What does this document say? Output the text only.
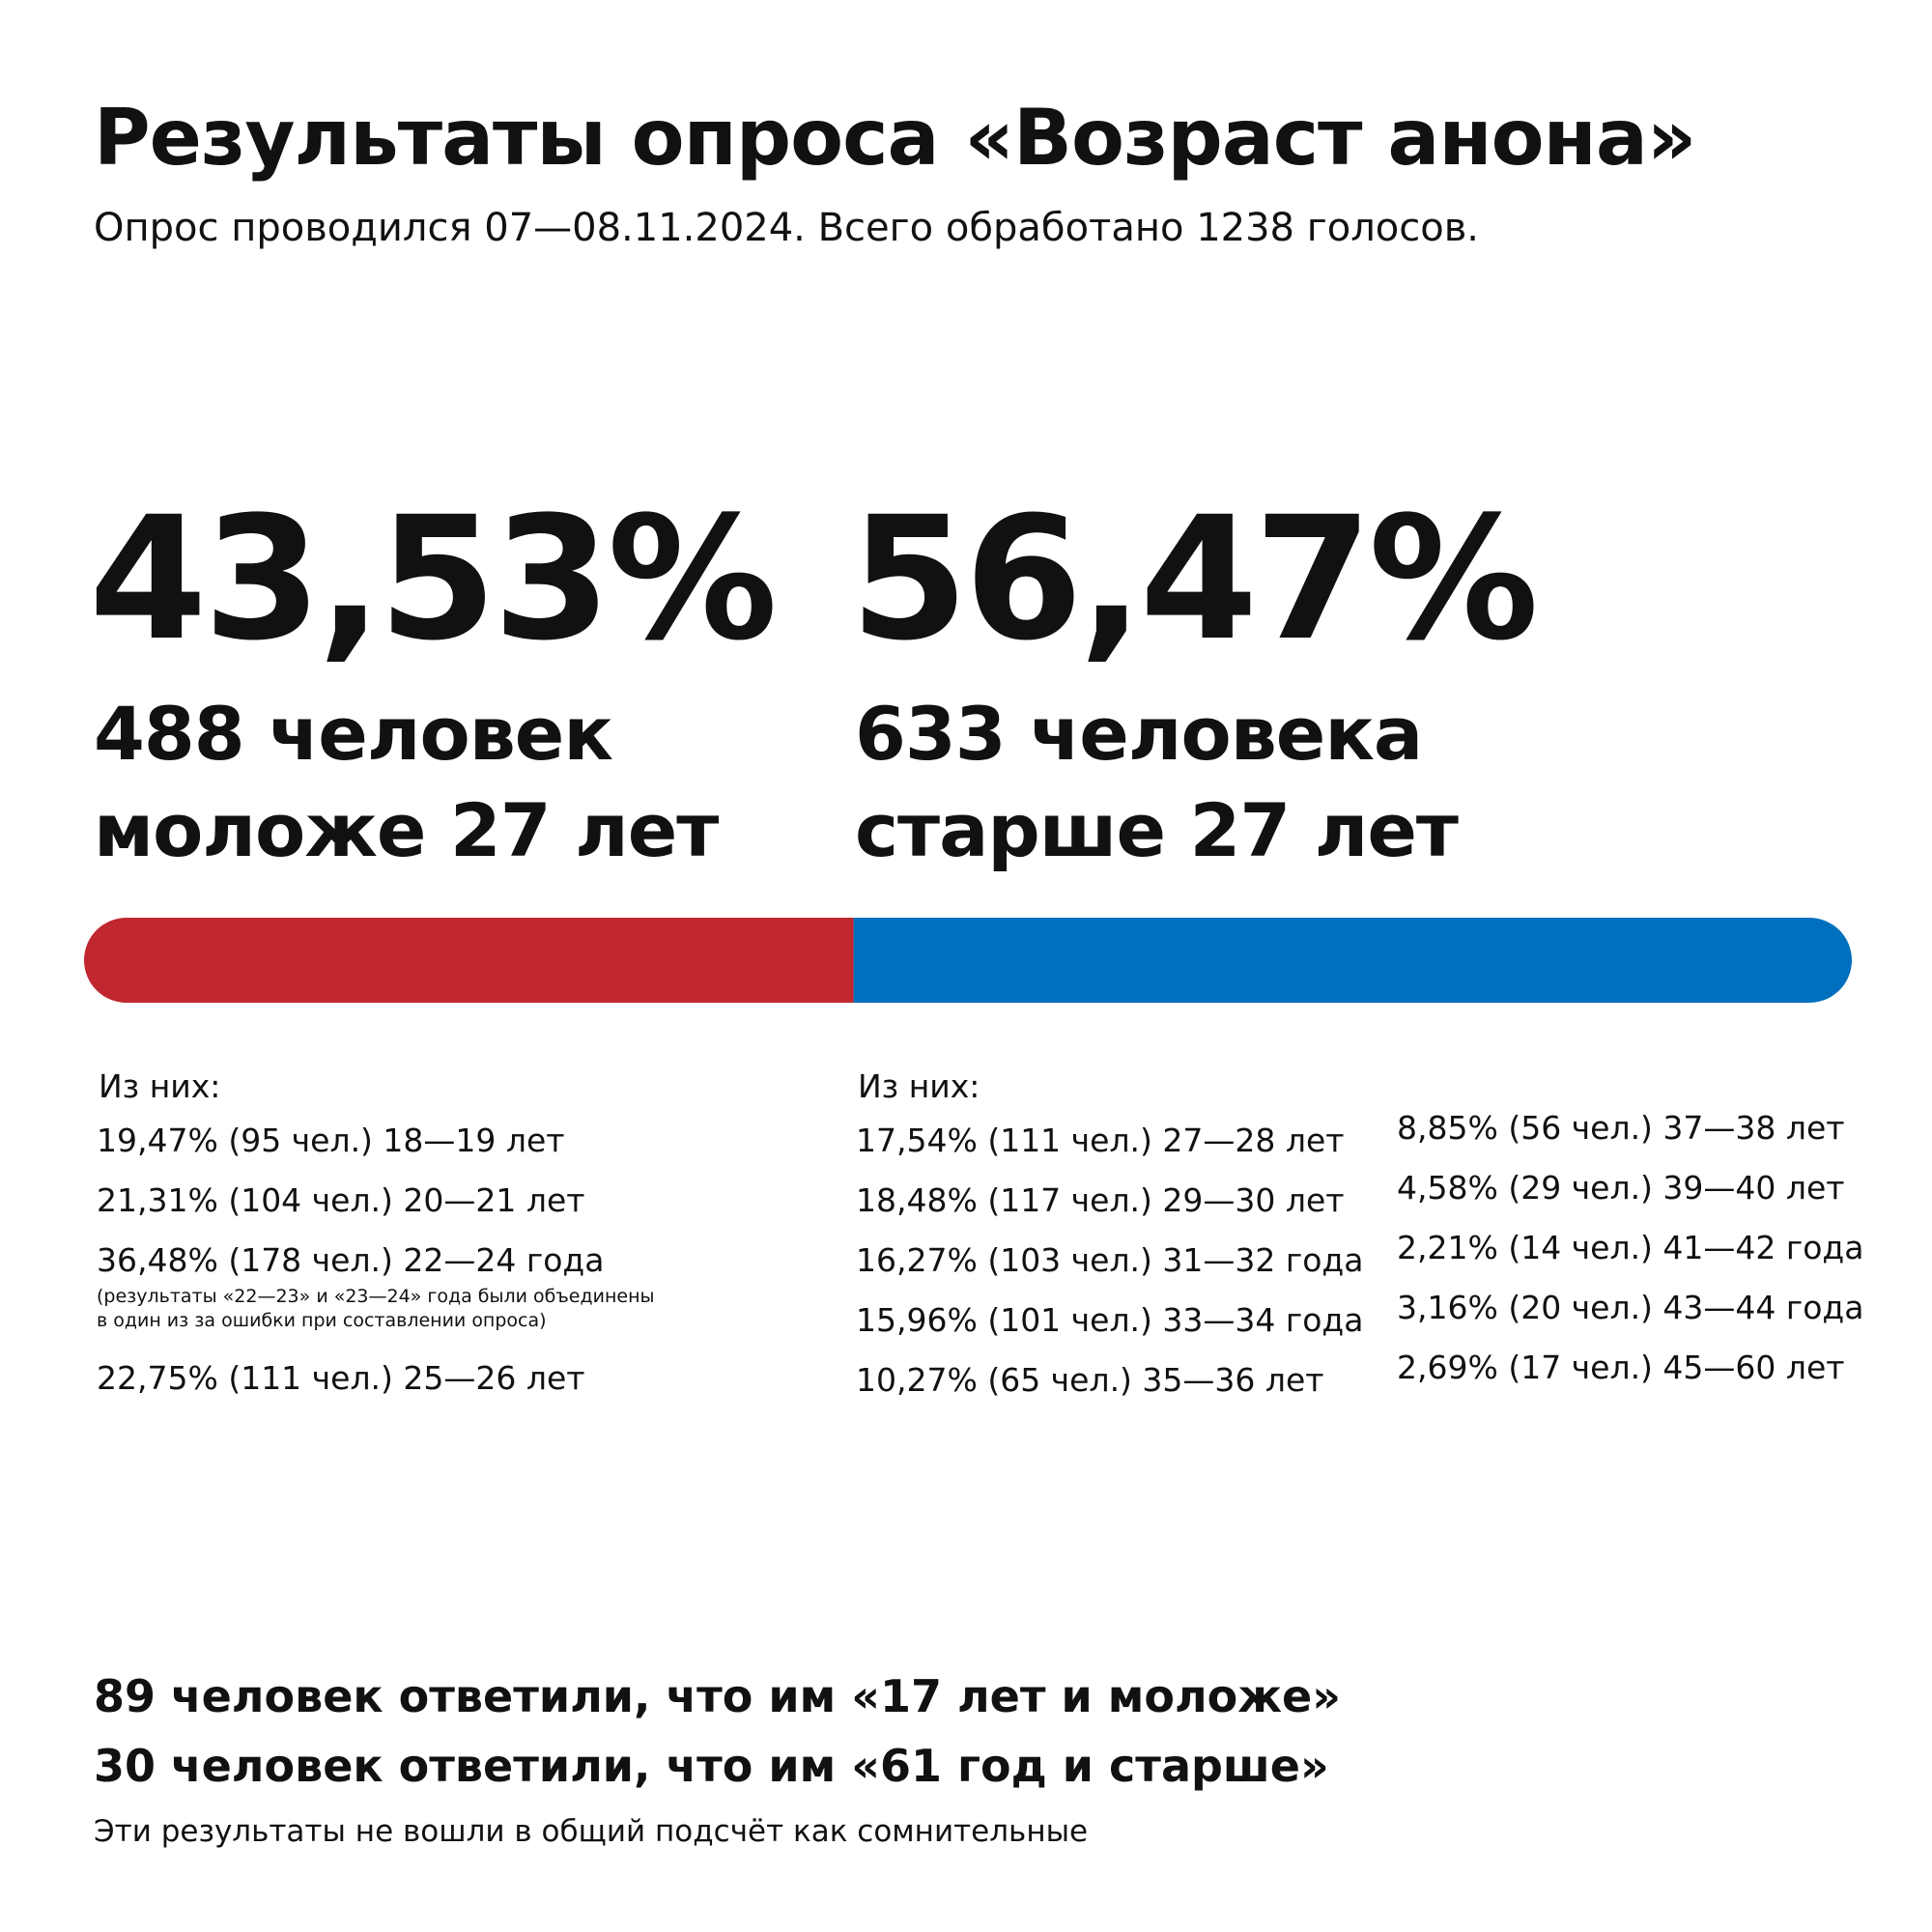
Результаты опроса «Возраст анона»
Опрос проводился 07—08.11.2024. Всего обработано 1238 голосов.
43,53%
488 человек
моложе 27 лет
56,47%
633 человека
старше 27 лет
Из них:
19,47% (95 чел.) 18—19 лет
21,31% (104 чел.) 20—21 лет
36,48% (178 чел.) 22—24 года
(результаты «22—23» и «23—24» года были объединены
в один из за ошибки при составлении опроса)
22,75% (111 чел.) 25—26 лет
Из них:
17,54% (111 чел.) 27—28 лет
18,48% (117 чел.) 29—30 лет
16,27% (103 чел.) 31—32 года
15,96% (101 чел.) 33—34 года
10,27% (65 чел.) 35—36 лет
8,85% (56 чел.) 37—38 лет
4,58% (29 чел.) 39—40 лет
2,21% (14 чел.) 41—42 года
3,16% (20 чел.) 43—44 года
2,69% (17 чел.) 45—60 лет
89 человек ответили, что им «17 лет и моложе»
30 человек ответили, что им «61 год и старше»
Эти результаты не вошли в общий подсчёт как сомнительные
